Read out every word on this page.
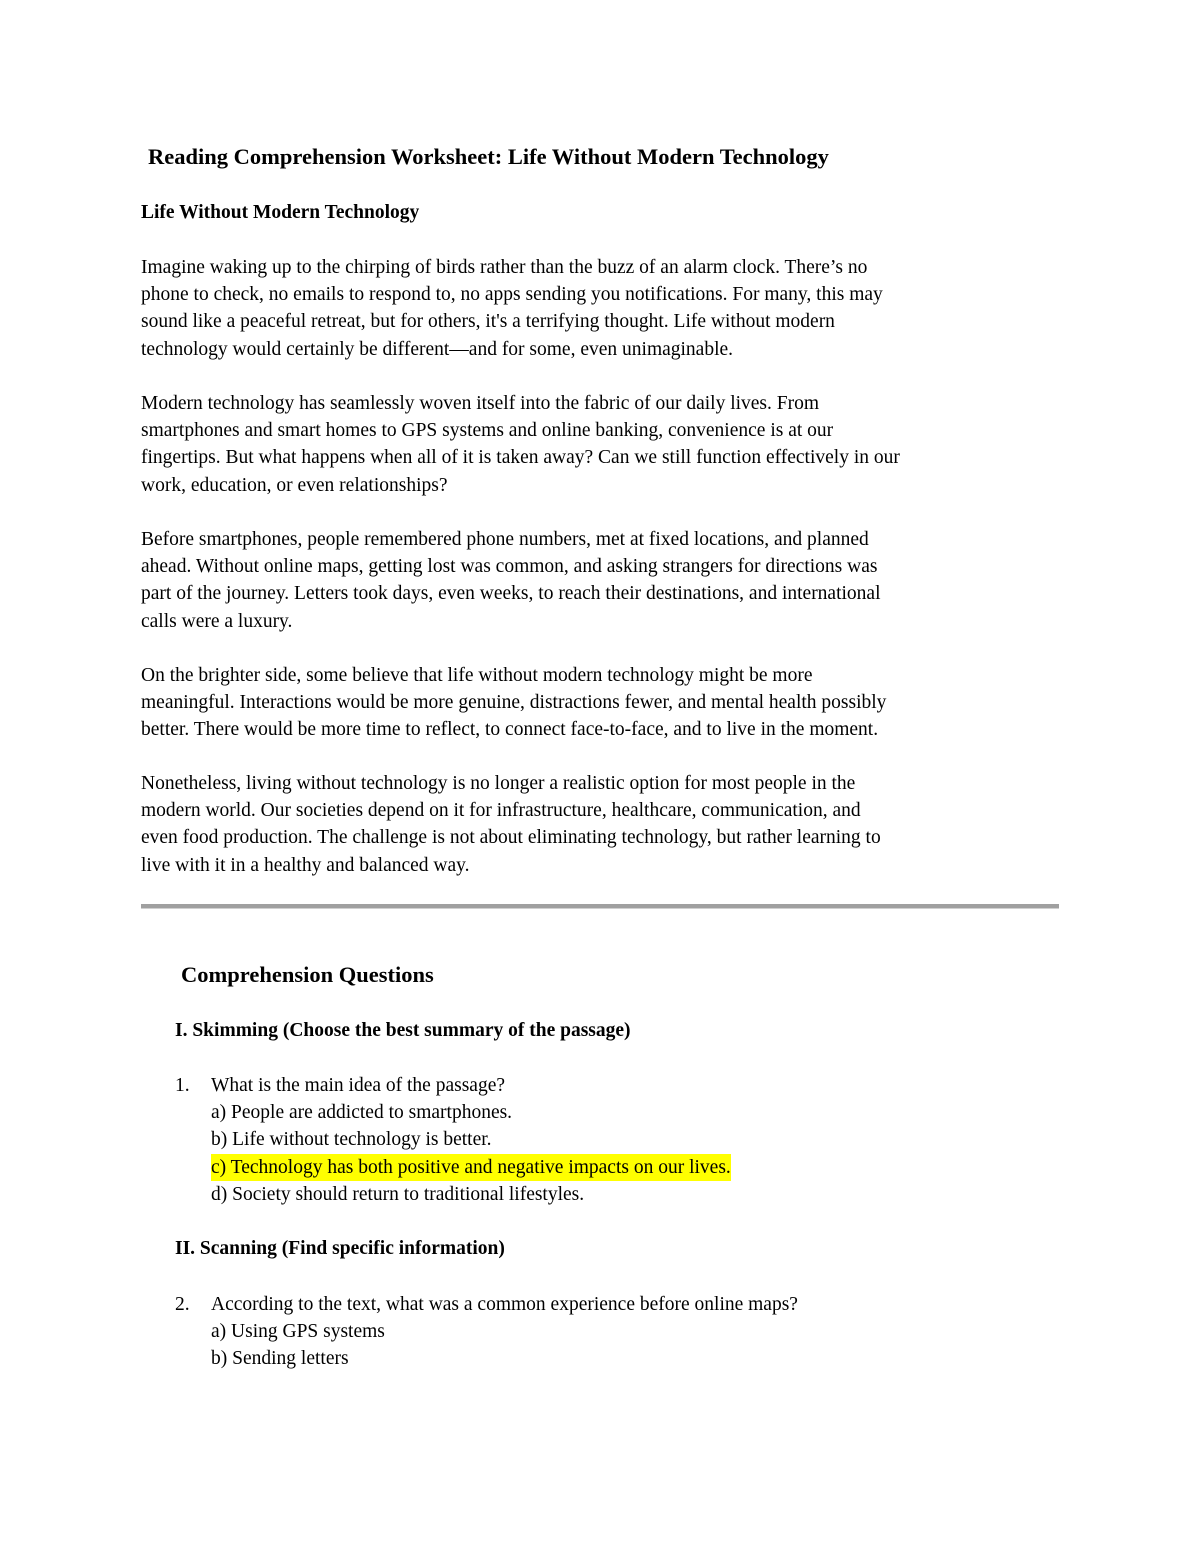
Reading Comprehension Worksheet: Life Without Modern Technology
Life Without Modern Technology
Imagine waking up to the chirping of birds rather than the buzz of an alarm clock. There’s no
phone to check, no emails to respond to, no apps sending you notifications. For many, this may
sound like a peaceful retreat, but for others, it's a terrifying thought. Life without modern
technology would certainly be different—and for some, even unimaginable.
Modern technology has seamlessly woven itself into the fabric of our daily lives. From
smartphones and smart homes to GPS systems and online banking, convenience is at our
fingertips. But what happens when all of it is taken away? Can we still function effectively in our
work, education, or even relationships?
Before smartphones, people remembered phone numbers, met at fixed locations, and planned
ahead. Without online maps, getting lost was common, and asking strangers for directions was
part of the journey. Letters took days, even weeks, to reach their destinations, and international
calls were a luxury.
On the brighter side, some believe that life without modern technology might be more
meaningful. Interactions would be more genuine, distractions fewer, and mental health possibly
better. There would be more time to reflect, to connect face-to-face, and to live in the moment.
Nonetheless, living without technology is no longer a realistic option for most people in the
modern world. Our societies depend on it for infrastructure, healthcare, communication, and
even food production. The challenge is not about eliminating technology, but rather learning to
live with it in a healthy and balanced way.
Comprehension Questions
I. Skimming (Choose the best summary of the passage)
1. What is the main idea of the passage?
a) People are addicted to smartphones.
b) Life without technology is better.
c) Technology has both positive and negative impacts on our lives.
d) Society should return to traditional lifestyles.
II. Scanning (Find specific information)
2. According to the text, what was a common experience before online maps?
a) Using GPS systems
b) Sending letters
